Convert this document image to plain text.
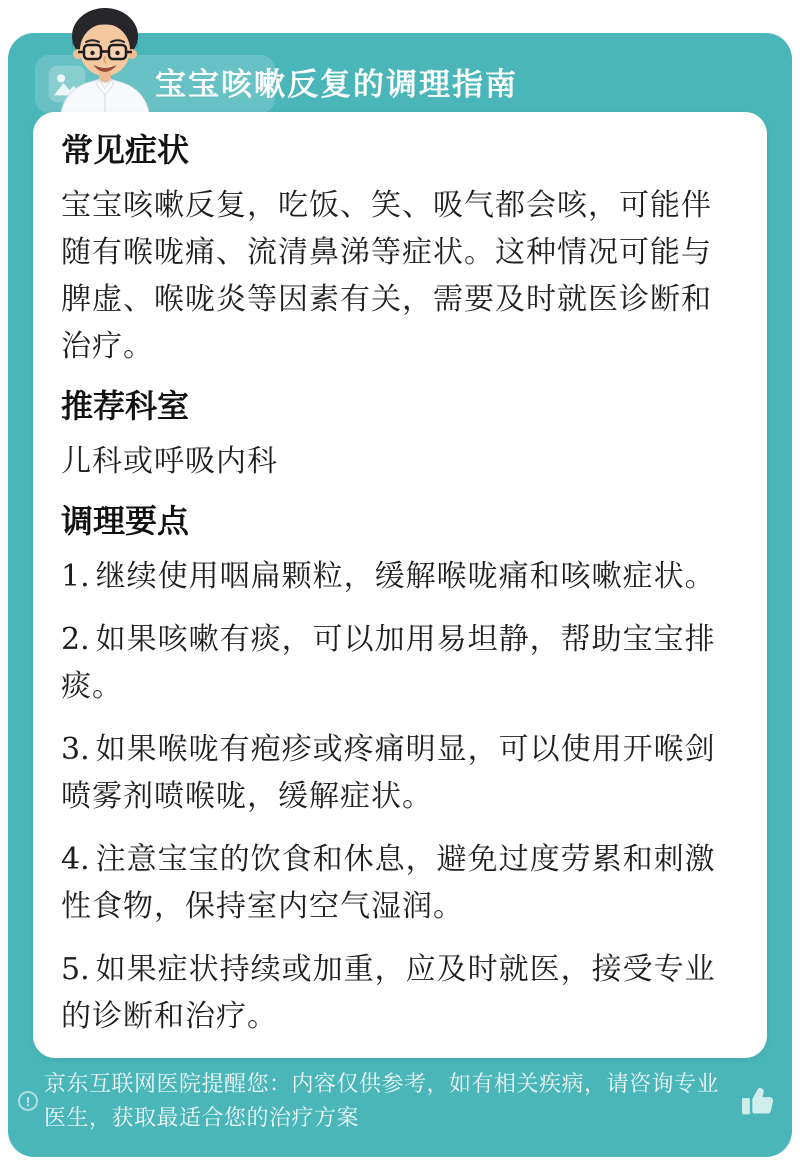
宝宝咳嗽反复的调理指南
!
京东互联网医院提醒您：内容仅供参考，如有相关疾病，请咨询专业医生，获取最适合您的治疗方案
常见症状

宝宝咳嗽反复，吃饭、笑、吸气都会咳，可能伴随有喉咙痛、流清鼻涕等症状。这种情况可能与脾虚、喉咙炎等因素有关，需要及时就医诊断和治疗。

推荐科室

儿科或呼吸内科

调理要点

1. 继续使用咽扁颗粒，缓解喉咙痛和咳嗽症状。

2. 如果咳嗽有痰，可以加用易坦静，帮助宝宝排痰。

3. 如果喉咙有疱疹或疼痛明显，可以使用开喉剑喷雾剂喷喉咙，缓解症状。

4. 注意宝宝的饮食和休息，避免过度劳累和刺激性食物，保持室内空气湿润。

5. 如果症状持续或加重，应及时就医，接受专业的诊断和治疗。
